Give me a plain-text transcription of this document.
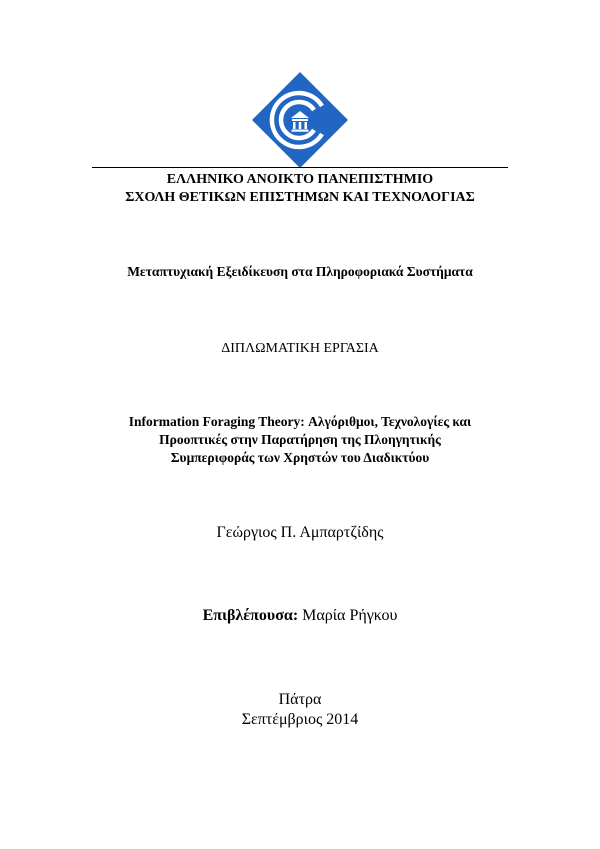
ΕΛΛΗΝΙΚΟ ΑΝΟΙΚΤΟ ΠΑΝΕΠΙΣΤΗΜΙΟ
ΣΧΟΛΗ ΘΕΤΙΚΩΝ ΕΠΙΣΤΗΜΩΝ ΚΑΙ ΤΕΧΝΟΛΟΓΙΑΣ
Μεταπτυχιακή Εξειδίκευση στα Πληροφοριακά Συστήματα
ΔΙΠΛΩΜΑΤΙΚΗ ΕΡΓΑΣΙΑ
Information Foraging Theory: Αλγόριθμοι, Τεχνολογίες και
Προοπτικές στην Παρατήρηση της Πλοηγητικής
Συμπεριφοράς των Χρηστών του Διαδικτύου
Γεώργιος Π. Αμπαρτζίδης
Επιβλέπουσα: Μαρία Ρήγκου
Πάτρα
Σεπτέμβριος 2014
